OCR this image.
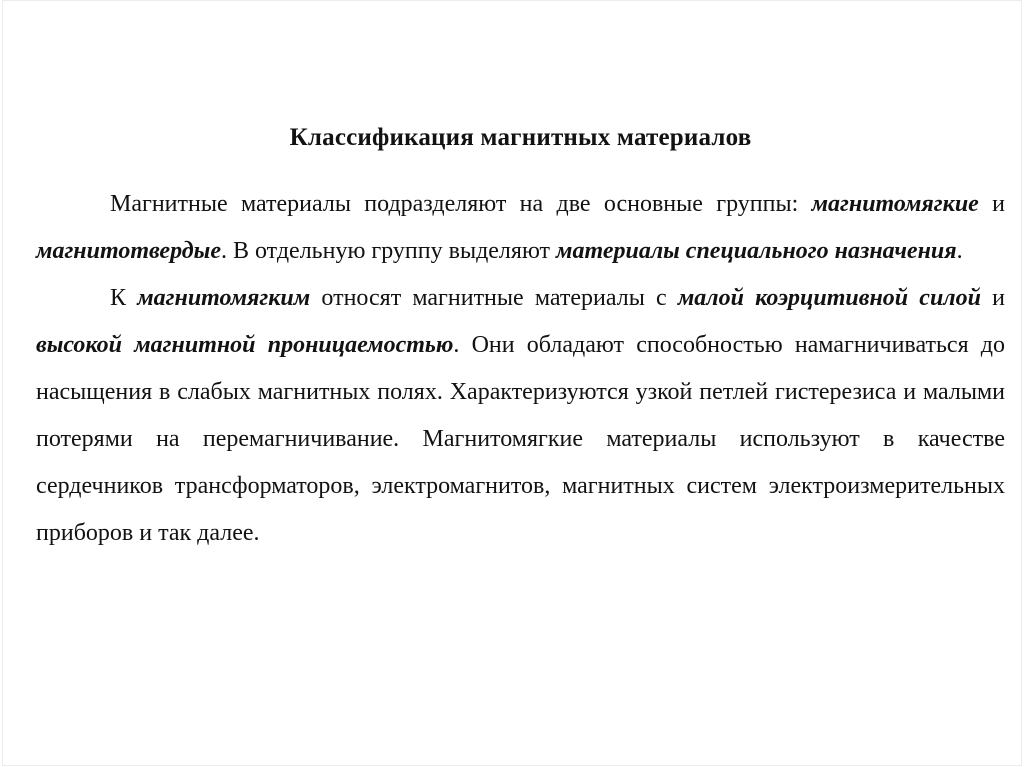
Классификация магнитных материалов

Магнитные материалы подразделяют на две основные группы: магнитомягкие и магнитотвердые. В отдельную группу выделяют материалы специального назначения.

К магнитомягким относят магнитные материалы с малой коэрцитивной силой и высокой магнитной проницаемостью. Они обладают способностью намагничиваться до насыщения в слабых магнитных полях. Характеризуются узкой петлей гистерезиса и малыми потерями на перемагничивание. Магнитомягкие материалы используют в качестве сердечников трансформаторов, электромагнитов, магнитных систем электроизмерительных приборов и так далее.
